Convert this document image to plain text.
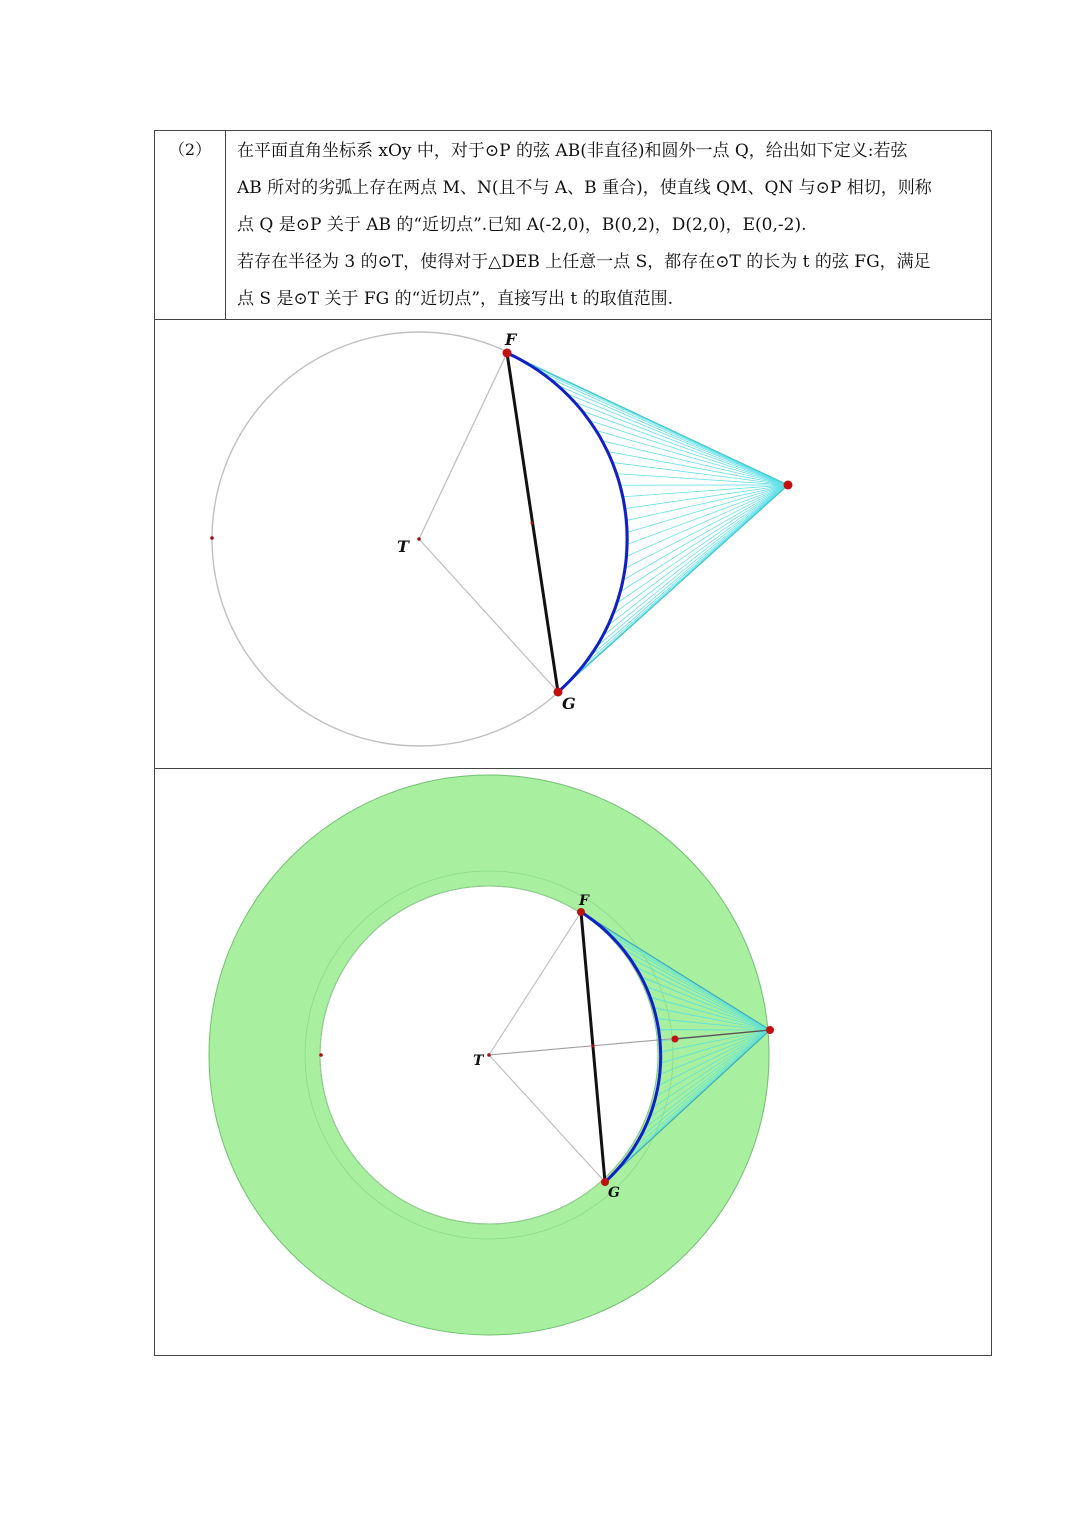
（2）	在平面直角坐标系 xOy 中，对于⊙P 的弦 AB(非直径)和圆外一点 Q，给出如下定义:若弦

AB 所对的劣弧上存在两点 M、N(且不与 A、B 重合)，使直线 QM、QN 与⊙P 相切，则称

点 Q 是⊙P 关于 AB 的“近切点”.已知 A(-2,0)，B(0,2)，D(2,0)，E(0,-2).

若存在半径为 3 的⊙T，使得对于△DEB 上任意一点 S，都存在⊙T 的长为 t 的弦 FG，满足

点 S 是⊙T 关于 FG 的“近切点”，直接写出 t 的取值范围.

F
G
T
F
G
T
